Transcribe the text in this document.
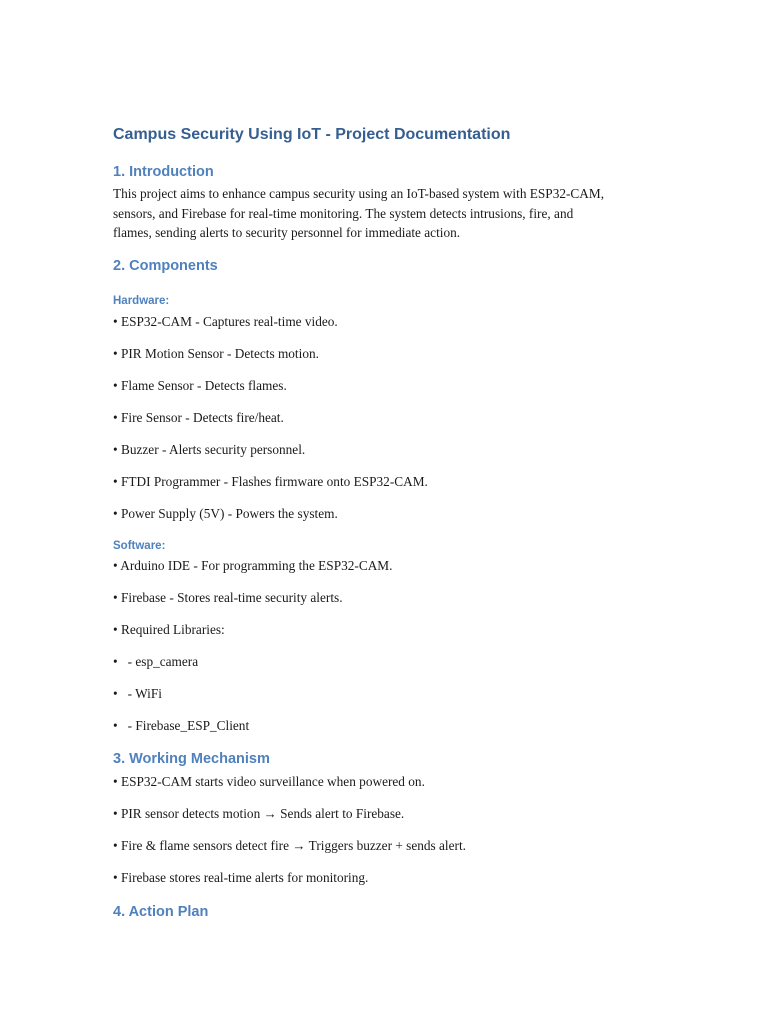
Campus Security Using IoT - Project Documentation
1. Introduction

This project aims to enhance campus security using an IoT-based system with ESP32-CAM,

sensors, and Firebase for real-time monitoring. The system detects intrusions, fire, and

flames, sending alerts to security personnel for immediate action.

2. Components
Hardware:

• ESP32-CAM - Captures real-time video.

• PIR Motion Sensor - Detects motion.

• Flame Sensor - Detects flames.

• Fire Sensor - Detects fire/heat.

• Buzzer - Alerts security personnel.

• FTDI Programmer - Flashes firmware onto ESP32-CAM.

• Power Supply (5V) - Powers the system.

Software:

• Arduino IDE - For programming the ESP32-CAM.

• Firebase - Stores real-time security alerts.

• Required Libraries:

•   - esp_camera

•   - WiFi

•   - Firebase_ESP_Client

3. Working Mechanism

• ESP32-CAM starts video surveillance when powered on.

• PIR sensor detects motion → Sends alert to Firebase.

• Fire & flame sensors detect fire → Triggers buzzer + sends alert.

• Firebase stores real-time alerts for monitoring.

4. Action Plan
